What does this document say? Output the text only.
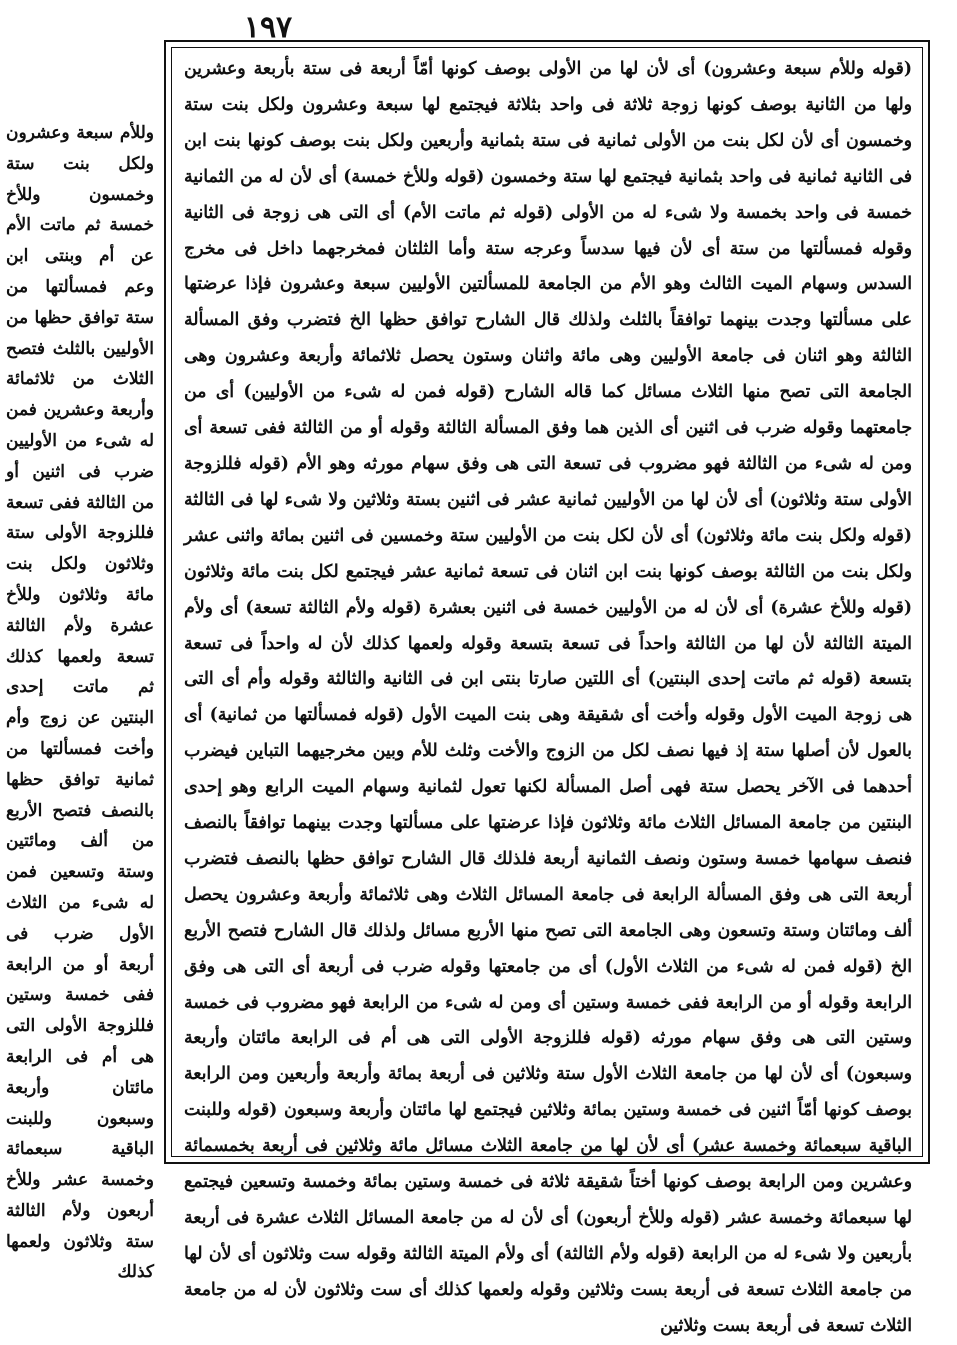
١٩٧

(قوله وللأم سبعة وعشرون) أى لأن لها من الأولى بوصف كونها أمّاً أربعة فى ستة بأربعة وعشرين ولها من الثانية بوصف كونها زوجة ثلاثة فى واحد بثلاثة فيجتمع لها سبعة وعشرون ولكل بنت ستة وخمسون أى لأن لكل بنت من الأولى ثمانية فى ستة بثمانية وأربعين ولكل بنت بوصف كونها بنت ابن فى الثانية ثمانية فى واحد بثمانية فيجتمع لها ستة وخمسون (قوله وللأخ خمسة) أى لأن له من الثمانية خمسة فى واحد بخمسة ولا شىء له من الأولى (قوله ثم ماتت الأم) أى التى هى زوجة فى الثانية وقوله فمسألتها من ستة أى لأن فيها سدساً وعرجه ستة وأما الثلثان فمخرجهما داخل فى مخرج السدس وسهام الميت الثالث وهو الأم من الجامعة للمسألتين الأوليين سبعة وعشرون فإذا عرضتها على مسألتها وجدت بينهما توافقاً بالثلث ولذلك قال الشارح توافق حظها الخ فتضرب وفق المسألة الثالثة وهو اثنان فى جامعة الأوليين وهى مائة واثنان وستون يحصل ثلاثمائة وأربعة وعشرون وهى الجامعة التى تصح منها الثلاث مسائل كما قاله الشارح (قوله فمن له شىء من الأوليين) أى من جامعتهما وقوله ضرب فى اثنين أى الذين هما وفق المسألة الثالثة وقوله أو من الثالثة ففى تسعة أى ومن له شىء من الثالثة فهو مضروب فى تسعة التى هى وفق سهام مورثه وهو الأم (قوله فللزوجة الأولى ستة وثلاثون) أى لأن لها من الأوليين ثمانية عشر فى اثنين بستة وثلاثين ولا شىء لها فى الثالثة (قوله ولكل بنت مائة وثلاثون) أى لأن لكل بنت من الأوليين ستة وخمسين فى اثنين بمائة واثنى عشر ولكل بنت من الثالثة بوصف كونها بنت ابن اثنان فى تسعة ثمانية عشر فيجتمع لكل بنت مائة وثلاثون (قوله وللأخ عشرة) أى لأن له من الأوليين خمسة فى اثنين بعشرة (قوله ولأم الثالثة تسعة) أى ولأم الميتة الثالثة لأن لها من الثالثة واحداً فى تسعة بتسعة وقوله ولعمها كذلك لأن له واحداً فى تسعة بتسعة (قوله ثم ماتت إحدى البنتين) أى اللتين صارتا بنتى ابن فى الثانية والثالثة وقوله وأم أى التى هى زوجة الميت الأول وقوله وأخت أى شقيقة وهى بنت الميت الأول (قوله فمسألتها من ثمانية) أى بالعول لأن أصلها ستة إذ فيها نصف لكل من الزوج والأخت وثلث للأم وبين مخرجيهما التباين فيضرب أحدهما فى الآخر يحصل ستة فهى أصل المسألة لكنها تعول لثمانية وسهام الميت الرابع وهو إحدى البنتين من جامعة المسائل الثلاث مائة وثلاثون فإذا عرضتها على مسألتها وجدت بينهما توافقاً بالنصف فنصف سهامها خمسة وستون ونصف الثمانية أربعة فلذلك قال الشارح توافق حظها بالنصف فتضرب أربعة التى هى وفق المسألة الرابعة فى جامعة المسائل الثلاث وهى ثلاثمائة وأربعة وعشرون يحصل ألف ومائتان وستة وتسعون وهى الجامعة التى تصح منها الأربع مسائل ولذلك قال الشارح فتصح الأربع الخ (قوله فمن له شىء من الثلاث الأول) أى من جامعتها وقوله ضرب فى أربعة أى التى هى وفق الرابعة وقوله أو من الرابعة ففى خمسة وستين أى ومن له شىء من الرابعة فهو مضروب فى خمسة وستين التى هى وفق سهام مورثه (قوله فللزوجة الأولى التى هى أم فى الرابعة مائتان وأربعة وسبعون) أى لأن لها من جامعة الثلاث الأول ستة وثلاثين فى أربعة بمائة وأربعة وأربعين ومن الرابعة بوصف كونها أمّاً اثنين فى خمسة وستين بمائة وثلاثين فيجتمع لها مائتان وأربعة وسبعون (قوله وللبنت الباقية سبعمائة وخمسة عشر) أى لأن لها من جامعة الثلاث مسائل مائة وثلاثين فى أربعة بخمسمائة وعشرين ومن الرابعة بوصف كونها أختاً شقيقة ثلاثة فى خمسة وستين بمائة وخمسة وتسعين فيجتمع لها سبعمائة وخمسة عشر (قوله وللأخ أربعون) أى لأن له من جامعة المسائل الثلاث عشرة فى أربعة بأربعين ولا شىء له من الرابعة (قوله ولأم الثالثة) أى ولأم الميتة الثالثة وقوله ست وثلاثون أى لأن لها من جامعة الثلاث تسعة فى أربعة بست وثلاثين وقوله ولعمها كذلك أى ست وثلاثون لأن له من جامعة الثلاث تسعة فى أربعة بست وثلاثين

وللأم سبعة وعشرون ولكل بنت ستة وخمسون وللأخ خمسة ثم ماتت الأم عن أم وبنتى ابن وعم فمسألتها من ستة توافق حظها من الأوليين بالثلث فتصح الثلاث من ثلاثمائة وأربعة وعشرين فمن له شىء من الأوليين ضرب فى اثنين أو من الثالثة ففى تسعة فللزوجة الأولى ستة وثلاثون ولكل بنت مائة وثلاثون وللأخ عشرة ولأم الثالثة تسعة ولعمها كذلك ثم ماتت إحدى البنتين عن زوج وأم وأخت فمسألتها من ثمانية توافق حظها بالنصف فتصح الأربع من ألف ومائتين وستة وتسعين فمن له شىء من الثلاث الأول ضرب فى أربعة أو من الرابعة ففى خمسة وستين فللزوجة الأولى التى هى أم فى الرابعة مائتان وأربعة وسبعون وللبنت الباقية سبعمائة وخمسة عشر وللأخ أربعون ولأم الثالثة ستة وثلاثون ولعمها كذلك
